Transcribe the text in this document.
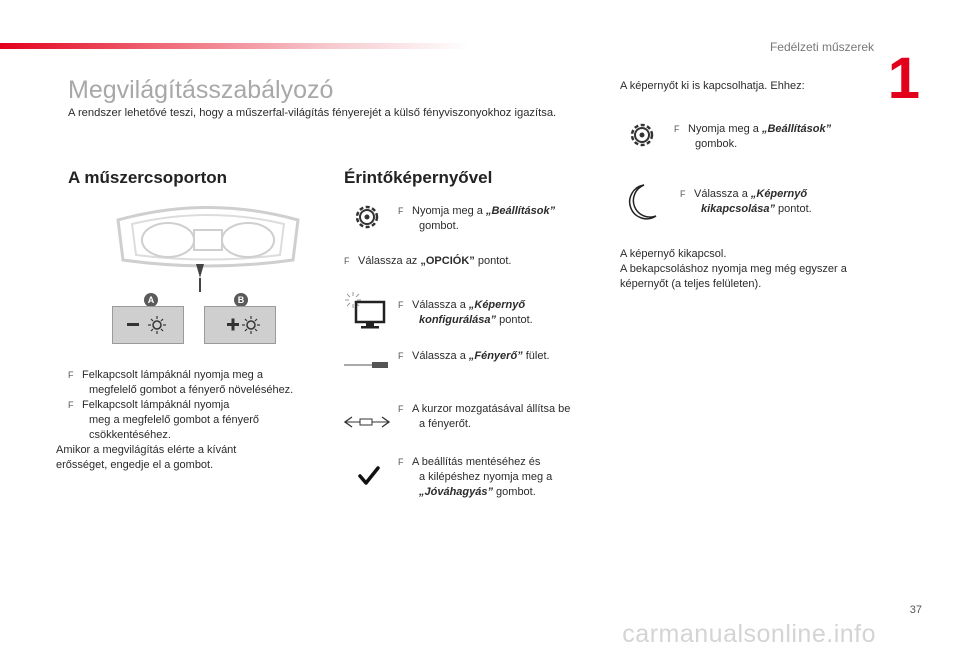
Fedélzeti műszerek 1
Megvilágításszabályozó
A rendszer lehetővé teszi, hogy a műszerfal-világítás fényerejét a külső fényviszonyokhoz igazítsa.
A műszercsoporton
A	B
F Felkapcsolt lámpáknál nyomja meg a
megfelelő gombot a fényerő növeléséhez.
F Felkapcsolt lámpáknál nyomja
meg a megfelelő gombot a fényerő
csökkentéséhez.
Amikor a megvilágítás elérte a kívánt
erősséget, engedje el a gombot.
Érintőképernyővel
F Nyomja meg a „Beállítások”
gombot.
F Válassza az „OPCIÓK” pontot.
F Válassza a „Képernyő
konfigurálása” pontot.
F Válassza a „Fényerő” fület.
F A kurzor mozgatásával állítsa be
a fényerőt.
F A beállítás mentéséhez és
a kilépéshez nyomja meg a
„Jóváhagyás” gombot.
A képernyőt ki is kapcsolhatja. Ehhez:
F Nyomja meg a „Beállítások”
gombok.
F Válassza a „Képernyő
kikapcsolása” pontot.
A képernyő kikapcsol.
A bekapcsoláshoz nyomja meg még egyszer a
képernyőt (a teljes felületen).
37
carmanualsonline.info
